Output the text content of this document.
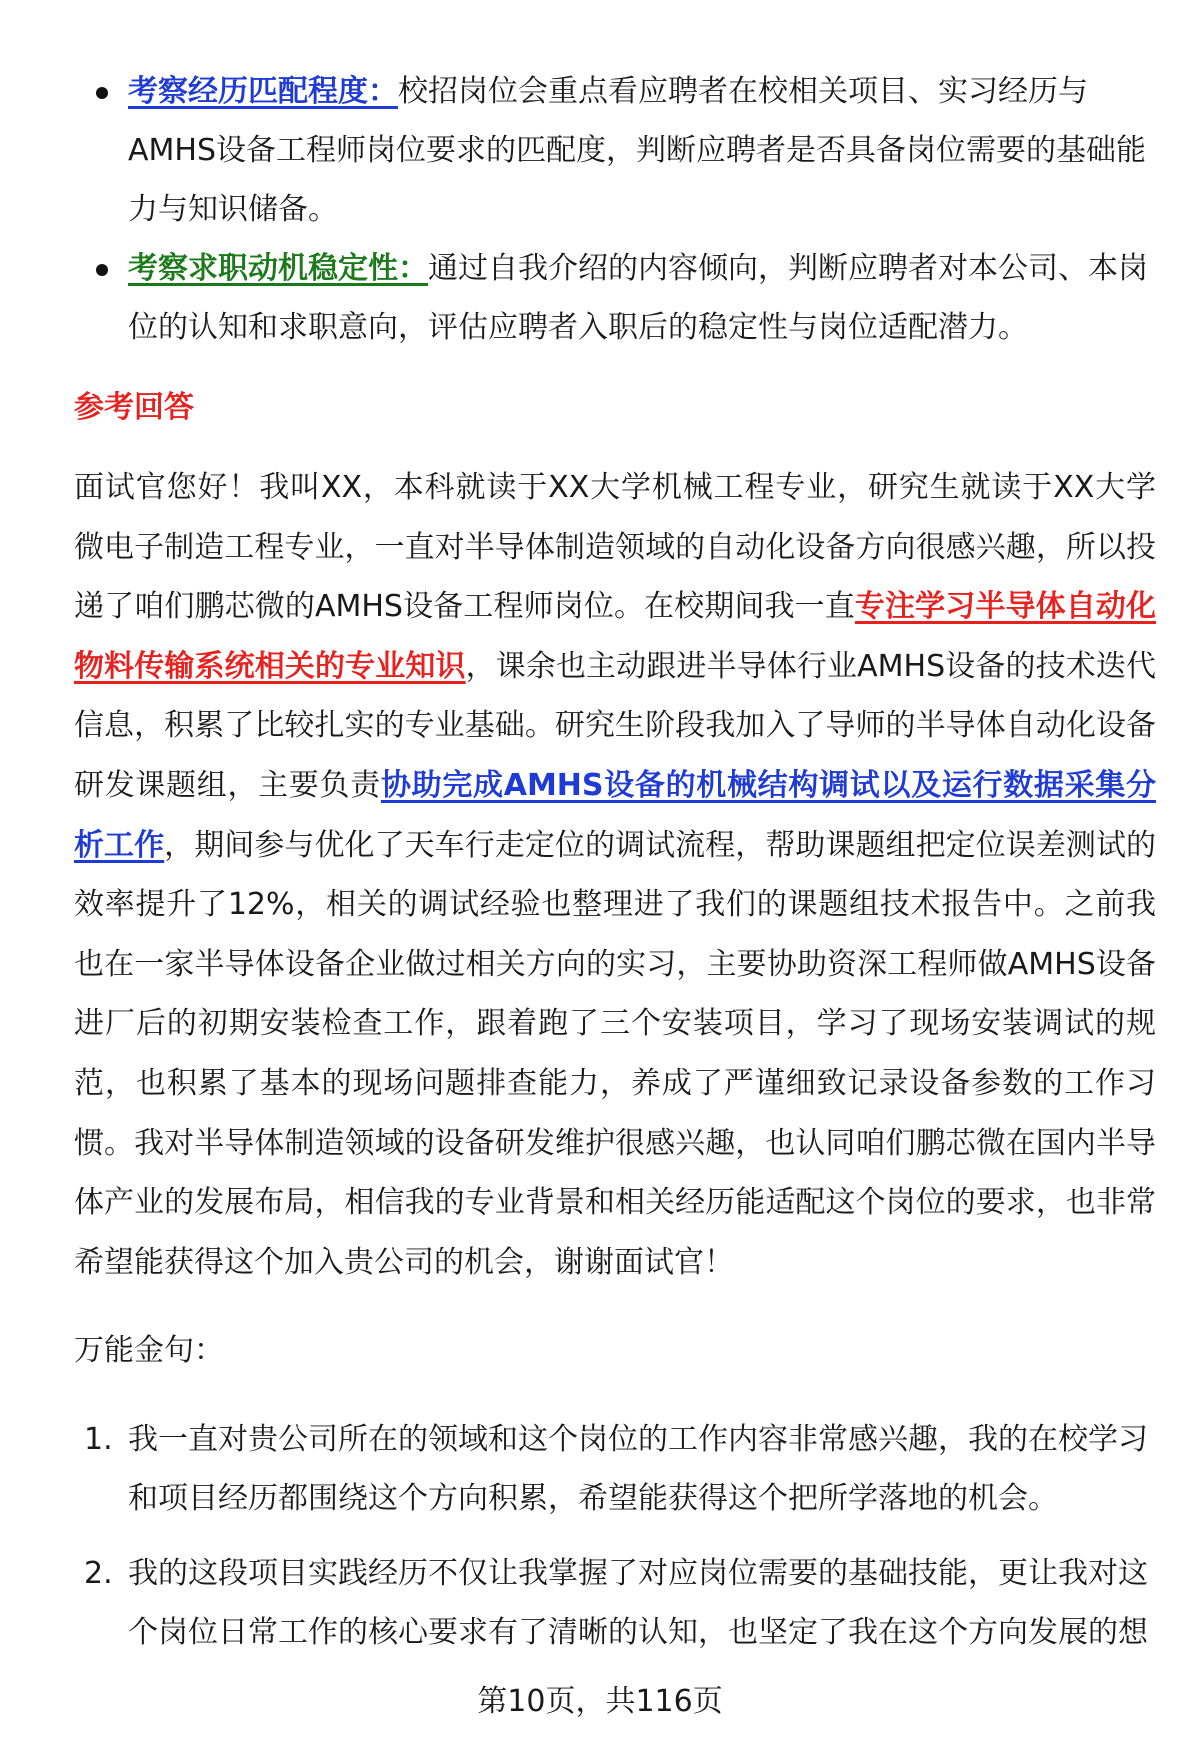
考察经历匹配程度：校招岗位会重点看应聘者在校相关项目、实习经历与AMHS设备工程师岗位要求的匹配度，判断应聘者是否具备岗位需要的基础能力与知识储备。
考察求职动机稳定性：通过自我介绍的内容倾向，判断应聘者对本公司、本岗位的认知和求职意向，评估应聘者入职后的稳定性与岗位适配潜力。
参考回答

面试官您好！我叫XX，本科就读于XX大学机械工程专业，研究生就读于XX大学微电子制造工程专业，一直对半导体制造领域的自动化设备方向很感兴趣，所以投递了咱们鹏芯微的AMHS设备工程师岗位。在校期间我一直专注学习半导体自动化物料传输系统相关的专业知识，课余也主动跟进半导体行业AMHS设备的技术迭代信息，积累了比较扎实的专业基础。研究生阶段我加入了导师的半导体自动化设备研发课题组，主要负责协助完成AMHS设备的机械结构调试以及运行数据采集分析工作，期间参与优化了天车行走定位的调试流程，帮助课题组把定位误差测试的效率提升了12%，相关的调试经验也整理进了我们的课题组技术报告中。之前我也在一家半导体设备企业做过相关方向的实习，主要协助资深工程师做AMHS设备进厂后的初期安装检查工作，跟着跑了三个安装项目，学习了现场安装调试的规范，也积累了基本的现场问题排查能力，养成了严谨细致记录设备参数的工作习惯。我对半导体制造领域的设备研发维护很感兴趣，也认同咱们鹏芯微在国内半导体产业的发展布局，相信我的专业背景和相关经历能适配这个岗位的要求，也非常希望能获得这个加入贵公司的机会，谢谢面试官！

万能金句：

1. 我一直对贵公司所在的领域和这个岗位的工作内容非常感兴趣，我的在校学习和项目经历都围绕这个方向积累，希望能获得这个把所学落地的机会。
2. 我的这段项目实践经历不仅让我掌握了对应岗位需要的基础技能，更让我对这个岗位日常工作的核心要求有了清晰的认知，也坚定了我在这个方向发展的想

第10页，共116页
